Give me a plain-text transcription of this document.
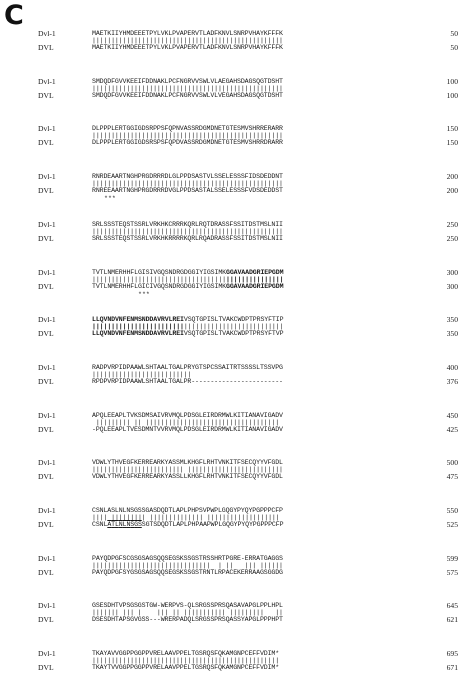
C
Dvl-1	MAETKIIYHMDEEETPYLVKLPVAPERVTLADFKNVLSNRPVHAYKFFFK	50
||||||||||||||||||||||||||||||||||||||||||||||||||
DVL	MAETKIIYHMDEEETPYLVKLPVAPERVTLADFKNVLSNRPVHAYKFFFK	50
Dvl-1	SMDQDFGVVKEEIFDDNAKLPCFNGRVVSWLVLAEGAHSDAGSQGTDSHT	100
||||||||||||||||||||||||||||||||||||||||||||||||||
DVL	SMDQDFGVVKEEIFDDNAKLPCFNGRVVSWLVLVEGAHSDAGSQGTDSHT	100
Dvl-1	DLPPPLERTGGIGDSRPPSFQPNVASSRDGMDNETGTESMVSHRRERARR	150
||||||||||||||||||||||||||||||||||||||||||||||||||
DVL	DLPPPLERTGGIGDSRSPSFQPDVASSRDGMDNETGTESMVSHRRDRARR	150
Dvl-1	RNRDEAARTNGHPRGDRRRDLGLPPDSASTVLSSELESSSFIDSDEDDNT	200
||||||||||||||||||||||||||||||||||||||||||||||||||
DVL	RNREEAARTNGHPRGDRRRDVGLPPDSASTALSSELESSSFVDSDEDDST	200
***
Dvl-1	SRLSSSTEQSTSSRLVRKHKCRRRKQRLRQTDRASSFSSITDSTMSLNII	250
||||||||||||||||||||||||||||||||||||||||||||||||||
DVL	SRLSSSTEQSTSSRLVRKHKRRRRKQRLRQADRASSFSSITDSTMSLNII	250
Dvl-1	TVTLNMERHHFLGISIVGQSNDRGDGGIYIGSIMKGGAVAADGRIEPGDM	300
||||||||||||||||||||||||||||||||||||||||||||||||||
DVL	TVTLNMERHHFLGICIVGQSNDRGDGGIYIGSIMKGGAVAADGRIEPGDM	300
***
Dvl-1	LLQVNDVNFENMSNDDAVRVLREIVSQTGPISLTVAKCWDPTPRSYFTIP	350
||||||||||||||||||||||||||||||||||||||||||||||||||
DVL	LLQVNDVNFENMSNDDAVRVLREIVSQTGPISLTVAKCWDPTPRSYFTVP	350
Dvl-1	RADPVRPIDPAAWLSHTAALTGALPRYGTSPCSSAITRTSSSSLTSSVPG	400
||||||||||||||||||||||||||
DVL	RPDPVRPIDPAAWLSHTAALTGALPR------------------------	376
Dvl-1	APQLEEAPLTVKSDMSAIVRVMQLPDSGLEIRDRMWLKITIANAVIGADV	450
||||||||| || |||||||||||||||||||||||||||||||||||
DVL	-PQLEEAPLTVESDMNTVVRVMQLPDSGLEIRDRMWLKITIANAVIGADV	425
Dvl-1	VDWLYTHVEGFKERREARKYASSMLKHGFLRHTVNKITFSECQYYVFGDL	500
|||||||||||||||||||||||| |||||||||||||||||||||||||
DVL	VDWLYTHVEGFKERREARKYASSLLKHGFLRHTVNKITFSECQYYVFGDL	475
Dvl-1	CSNLASLNLNSGSSGASDQDTLAPLPHPSVPWPLGQGYPYQYPGPPPCFP	550
|||| ||||||||| |||||||||||||| |||||||||||||||||||
DVL	CSNLATLNLNSGSSGTSDQDTLAPLPHPAAPWPLGQGYPYQYPGPPPCFP	525
Dvl-1	PAYQDPGFSCGSGSAGSQQSEGSKSSGSTRSSHRTPGRE-ERRATGAGGS	599
|||||||||||||||||||||||||||||||  | ||   ||| ||||||
DVL	PAYQDPGFSYGSGSAGSQQSEGSKSSGSTRNTLRPACEKERRAAGSGGDG	575
Dvl-1	GSESDHTVPSGSGSTGW-WERPVS-QLSRGSSPRSQASAVAPGLPPLHPL	645
||||||| ||| |    ||| || ||||||||||| |||||||||   ||
DVL	DSESDHTAPSGVGSS---WRERPADQLSRGSSPRSQASSYAPGLPPPHPT	621
Dvl-1	TKAYAVVGGPPGGPPVRELAAVPPELTGSRQSFQKAMGNPCEFFVDIM*	695
|||||||||||||||||||||||||||||||||||||||||||||||||
DVL	TKAYTVVGGPPGGPPVRELAAVPPELTGSRQSFQKAMGNPCEFFVDIM*	671
